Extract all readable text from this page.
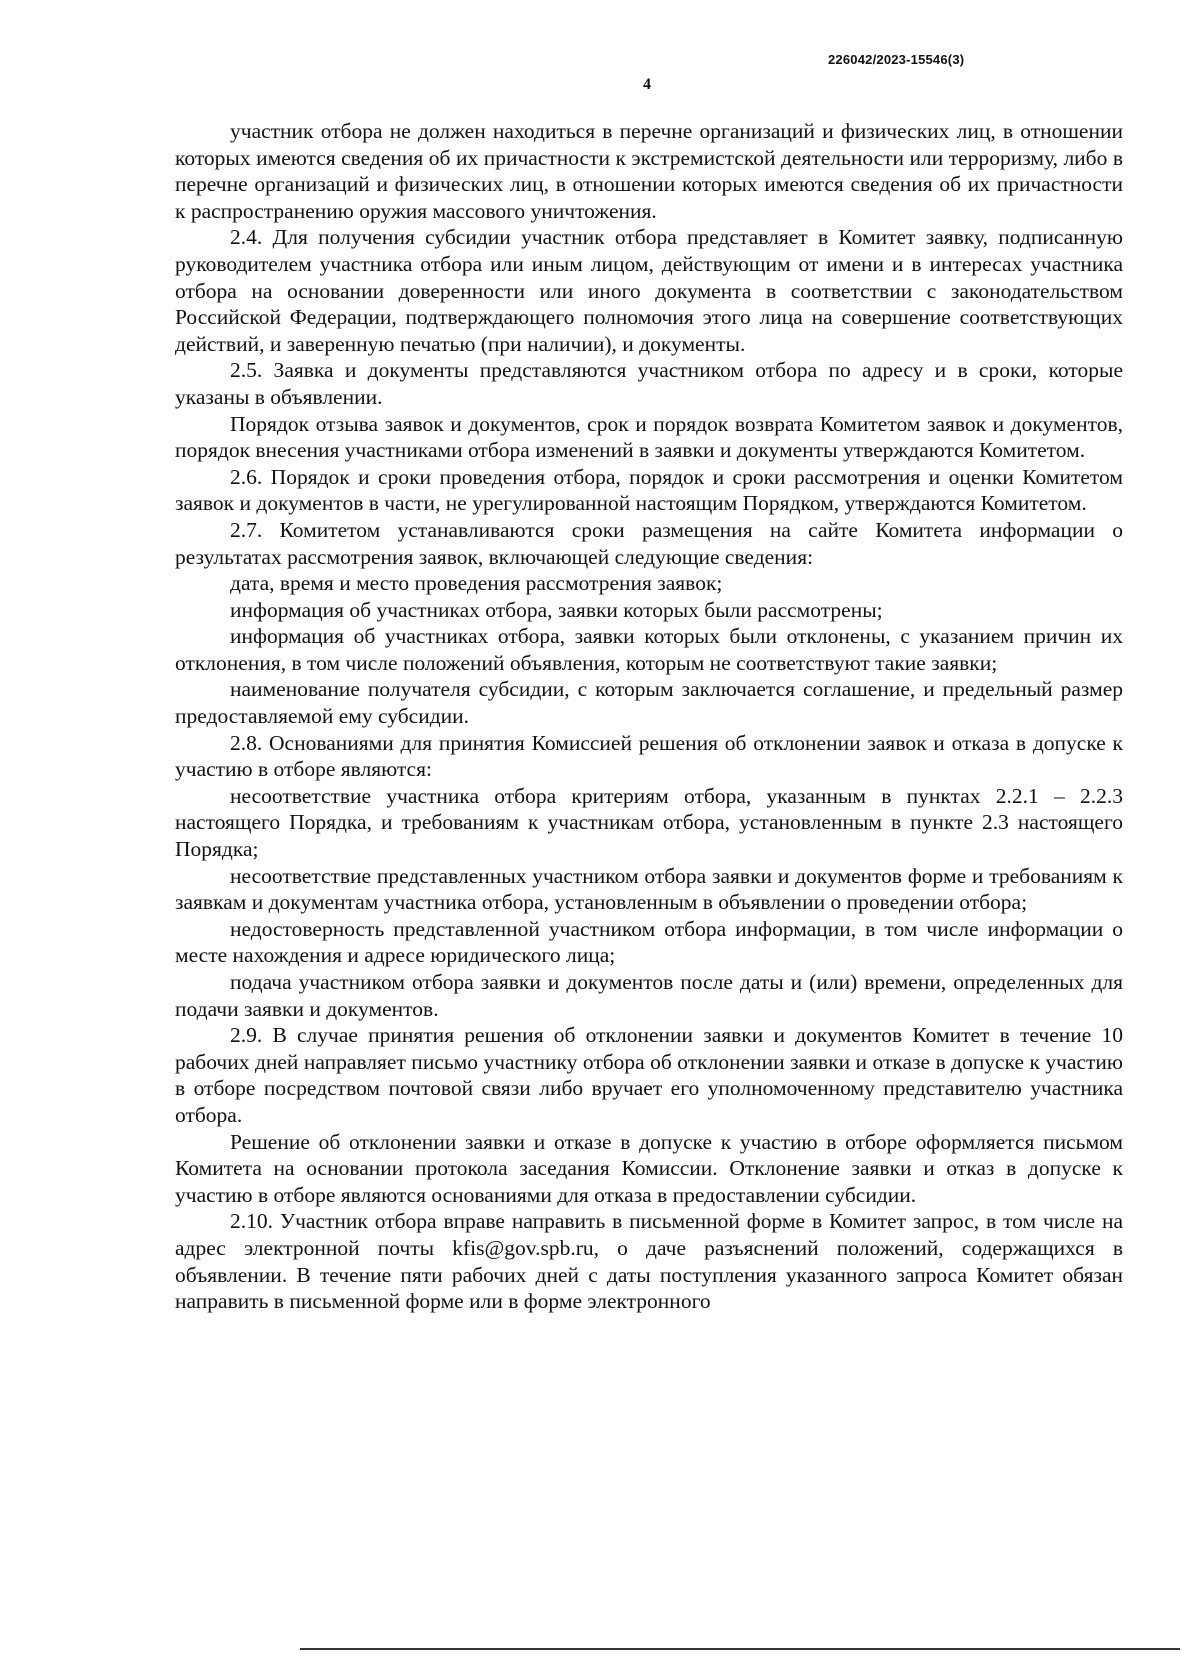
226042/2023-15546(3)
4

участник отбора не должен находиться в перечне организаций и физических лиц, в отношении которых имеются сведения об их причастности к экстремистской деятельности или терроризму, либо в перечне организаций и физических лиц, в отношении которых имеются сведения об их причастности к распространению оружия массового уничтожения.

2.4. Для получения субсидии участник отбора представляет в Комитет заявку, подписанную руководителем участника отбора или иным лицом, действующим от имени и в интересах участника отбора на основании доверенности или иного документа в соответствии с законодательством Российской Федерации, подтверждающего полномочия этого лица на совершение соответствующих действий, и заверенную печатью (при наличии), и документы.

2.5. Заявка и документы представляются участником отбора по адресу и в сроки, которые указаны в объявлении.

Порядок отзыва заявок и документов, срок и порядок возврата Комитетом заявок и документов, порядок внесения участниками отбора изменений в заявки и документы утверждаются Комитетом.

2.6. Порядок и сроки проведения отбора, порядок и сроки рассмотрения и оценки Комитетом заявок и документов в части, не урегулированной настоящим Порядком, утверждаются Комитетом.

2.7. Комитетом устанавливаются сроки размещения на сайте Комитета информации о результатах рассмотрения заявок, включающей следующие сведения:

дата, время и место проведения рассмотрения заявок;

информация об участниках отбора, заявки которых были рассмотрены;

информация об участниках отбора, заявки которых были отклонены, с указанием причин их отклонения, в том числе положений объявления, которым не соответствуют такие заявки;

наименование получателя субсидии, с которым заключается соглашение, и предельный размер предоставляемой ему субсидии.

2.8. Основаниями для принятия Комиссией решения об отклонении заявок и отказа в допуске к участию в отборе являются:

несоответствие участника отбора критериям отбора, указанным в пунктах 2.2.1 – 2.2.3 настоящего Порядка, и требованиям к участникам отбора, установленным в пункте 2.3 настоящего Порядка;

несоответствие представленных участником отбора заявки и документов форме и требованиям к заявкам и документам участника отбора, установленным в объявлении о проведении отбора;

недостоверность представленной участником отбора информации, в том числе информации о месте нахождения и адресе юридического лица;

подача участником отбора заявки и документов после даты и (или) времени, определенных для подачи заявки и документов.

2.9. В случае принятия решения об отклонении заявки и документов Комитет в течение 10 рабочих дней направляет письмо участнику отбора об отклонении заявки и отказе в допуске к участию в отборе посредством почтовой связи либо вручает его уполномоченному представителю участника отбора.

Решение об отклонении заявки и отказе в допуске к участию в отборе оформляется письмом Комитета на основании протокола заседания Комиссии. Отклонение заявки и отказ в допуске к участию в отборе являются основаниями для отказа в предоставлении субсидии.

2.10. Участник отбора вправе направить в письменной форме в Комитет запрос, в том числе на адрес электронной почты kfis@gov.spb.ru, о даче разъяснений положений, содержащихся в объявлении. В течение пяти рабочих дней с даты поступления указанного запроса Комитет обязан направить в письменной форме или в форме электронного
